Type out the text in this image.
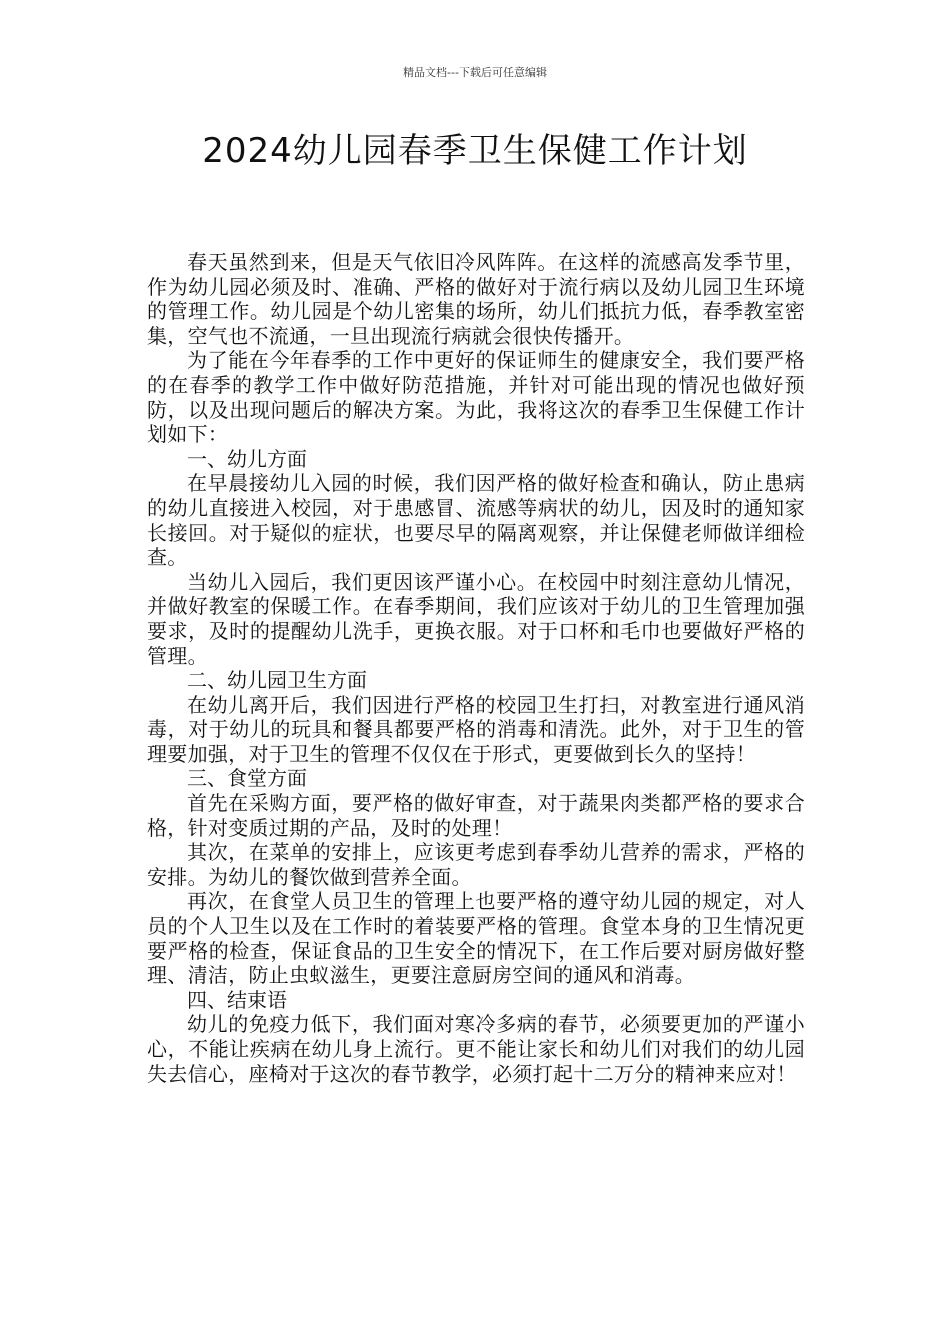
精品文档---下载后可任意编辑
2024幼儿园春季卫生保健工作计划

春天虽然到来，但是天气依旧冷风阵阵。在这样的流感高发季节里，作为幼儿园必须及时、准确、严格的做好对于流行病以及幼儿园卫生环境的管理工作。幼儿园是个幼儿密集的场所，幼儿们抵抗力低，春季教室密集，空气也不流通，一旦出现流行病就会很快传播开。

为了能在今年春季的工作中更好的保证师生的健康安全，我们要严格的在春季的教学工作中做好防范措施，并针对可能出现的情况也做好预防，以及出现问题后的解决方案。为此，我将这次的春季卫生保健工作计划如下：

一、幼儿方面

在早晨接幼儿入园的时候，我们因严格的做好检查和确认，防止患病的幼儿直接进入校园，对于患感冒、流感等病状的幼儿，因及时的通知家长接回。对于疑似的症状，也要尽早的隔离观察，并让保健老师做详细检查。

当幼儿入园后，我们更因该严谨小心。在校园中时刻注意幼儿情况，并做好教室的保暖工作。在春季期间，我们应该对于幼儿的卫生管理加强要求，及时的提醒幼儿洗手，更换衣服。对于口杯和毛巾也要做好严格的管理。

二、幼儿园卫生方面

在幼儿离开后，我们因进行严格的校园卫生打扫，对教室进行通风消毒，对于幼儿的玩具和餐具都要严格的消毒和清洗。此外，对于卫生的管理要加强，对于卫生的管理不仅仅在于形式，更要做到长久的坚持！

三、食堂方面

首先在采购方面，要严格的做好审查，对于蔬果肉类都严格的要求合格，针对变质过期的产品，及时的处理！

其次，在菜单的安排上，应该更考虑到春季幼儿营养的需求，严格的安排。为幼儿的餐饮做到营养全面。

再次，在食堂人员卫生的管理上也要严格的遵守幼儿园的规定，对人员的个人卫生以及在工作时的着装要严格的管理。食堂本身的卫生情况更要严格的检查，保证食品的卫生安全的情况下，在工作后要对厨房做好整理、清洁，防止虫蚁滋生，更要注意厨房空间的通风和消毒。

四、结束语

幼儿的免疫力低下，我们面对寒冷多病的春节，必须要更加的严谨小心，不能让疾病在幼儿身上流行。更不能让家长和幼儿们对我们的幼儿园失去信心，座椅对于这次的春节教学，必须打起十二万分的精神来应对！
